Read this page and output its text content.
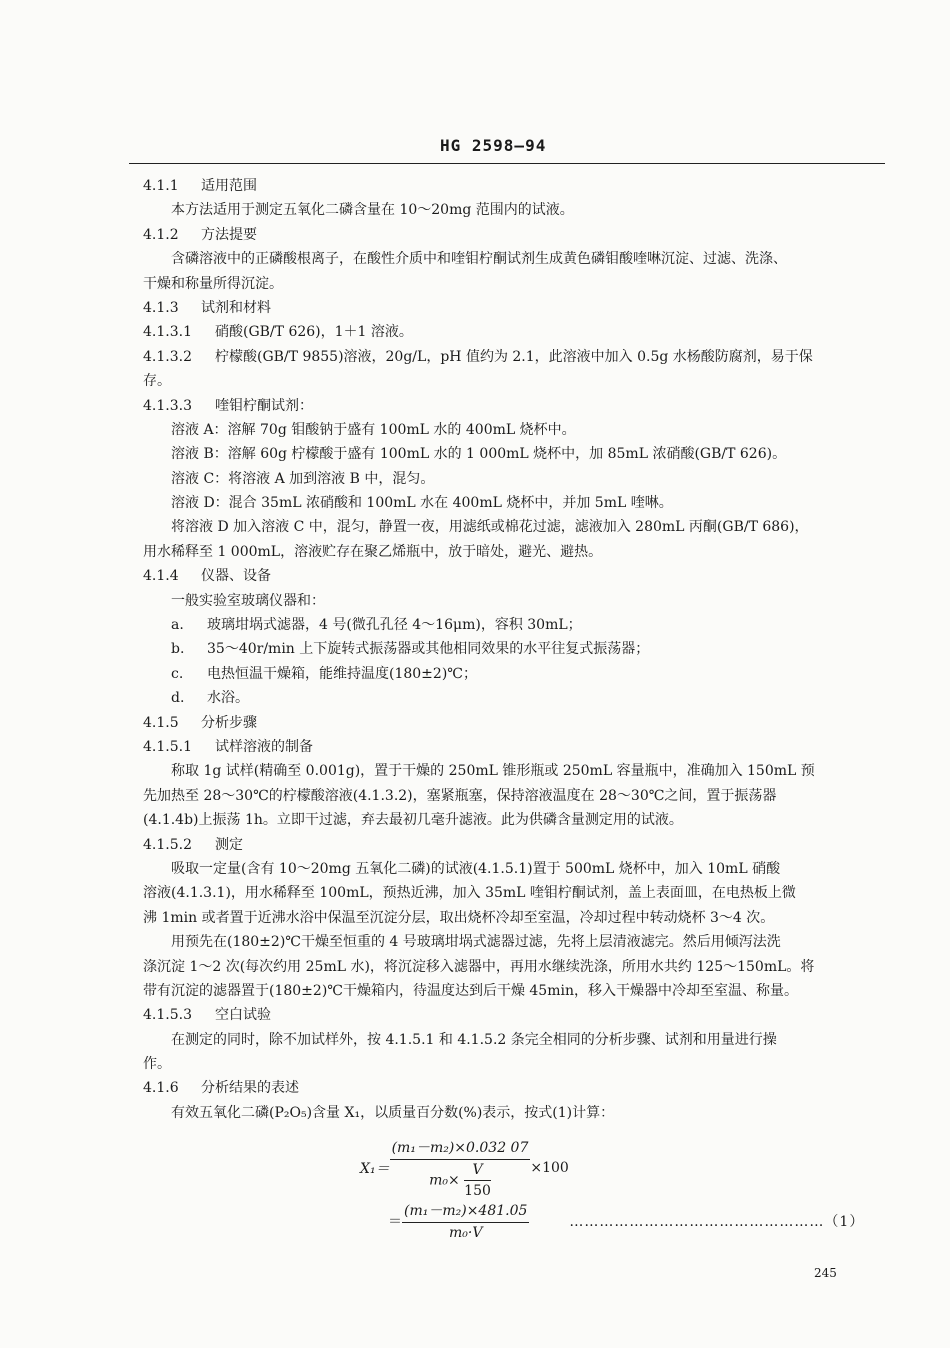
HG 2598—94
4.1.1 适用范围
本方法适用于测定五氧化二磷含量在 10～20mg 范围内的试液。
4.1.2 方法提要
含磷溶液中的正磷酸根离子，在酸性介质中和喹钼柠酮试剂生成黄色磷钼酸喹啉沉淀、过滤、洗涤、
干燥和称量所得沉淀。
4.1.3 试剂和材料
4.1.3.1 硝酸(GB/T 626)，1＋1 溶液。
4.1.3.2 柠檬酸(GB/T 9855)溶液，20g/L，pH 值约为 2.1，此溶液中加入 0.5g 水杨酸防腐剂，易于保
存。
4.1.3.3 喹钼柠酮试剂：
溶液 A：溶解 70g 钼酸钠于盛有 100mL 水的 400mL 烧杯中。
溶液 B：溶解 60g 柠檬酸于盛有 100mL 水的 1 000mL 烧杯中，加 85mL 浓硝酸(GB/T 626)。
溶液 C：将溶液 A 加到溶液 B 中，混匀。
溶液 D：混合 35mL 浓硝酸和 100mL 水在 400mL 烧杯中，并加 5mL 喹啉。
将溶液 D 加入溶液 C 中，混匀，静置一夜，用滤纸或棉花过滤，滤液加入 280mL 丙酮(GB/T 686)，
用水稀释至 1 000mL，溶液贮存在聚乙烯瓶中，放于暗处，避光、避热。
4.1.4 仪器、设备
一般实验室玻璃仪器和：
a. 玻璃坩埚式滤器，4 号(微孔孔径 4～16μm)，容积 30mL；
b. 35～40r/min 上下旋转式振荡器或其他相同效果的水平往复式振荡器；
c. 电热恒温干燥箱，能维持温度(180±2)℃；
d. 水浴。
4.1.5 分析步骤
4.1.5.1 试样溶液的制备
称取 1g 试样(精确至 0.001g)，置于干燥的 250mL 锥形瓶或 250mL 容量瓶中，准确加入 150mL 预
先加热至 28～30℃的柠檬酸溶液(4.1.3.2)，塞紧瓶塞，保持溶液温度在 28～30℃之间，置于振荡器
(4.1.4b)上振荡 1h。立即干过滤，弃去最初几毫升滤液。此为供磷含量测定用的试液。
4.1.5.2 测定
吸取一定量(含有 10～20mg 五氧化二磷)的试液(4.1.5.1)置于 500mL 烧杯中，加入 10mL 硝酸
溶液(4.1.3.1)，用水稀释至 100mL，预热近沸，加入 35mL 喹钼柠酮试剂，盖上表面皿，在电热板上微
沸 1min 或者置于近沸水浴中保温至沉淀分层，取出烧杯冷却至室温，冷却过程中转动烧杯 3～4 次。
用预先在(180±2)℃干燥至恒重的 4 号玻璃坩埚式滤器过滤，先将上层清液滤完。然后用倾泻法洗
涤沉淀 1～2 次(每次约用 25mL 水)，将沉淀移入滤器中，再用水继续洗涤，所用水共约 125～150mL。将
带有沉淀的滤器置于(180±2)℃干燥箱内，待温度达到后干燥 45min，移入干燥器中冷却至室温、称量。
4.1.5.3 空白试验
在测定的同时，除不加试样外，按 4.1.5.1 和 4.1.5.2 条完全相同的分析步骤、试剂和用量进行操
作。
4.1.6 分析结果的表述
有效五氧化二磷(P₂O₅)含量 X₁，以质量百分数(%)表示，按式(1)计算：
$X_1= \frac{\text{(m₁－m₂)×0.032 07}}{m_0\times \frac{V}{150}} \times 100$
＝ $\frac{\text{(m₁－m₂)×481.05}}{\text{m₀·V}}$	……………………………………………（1）
245
